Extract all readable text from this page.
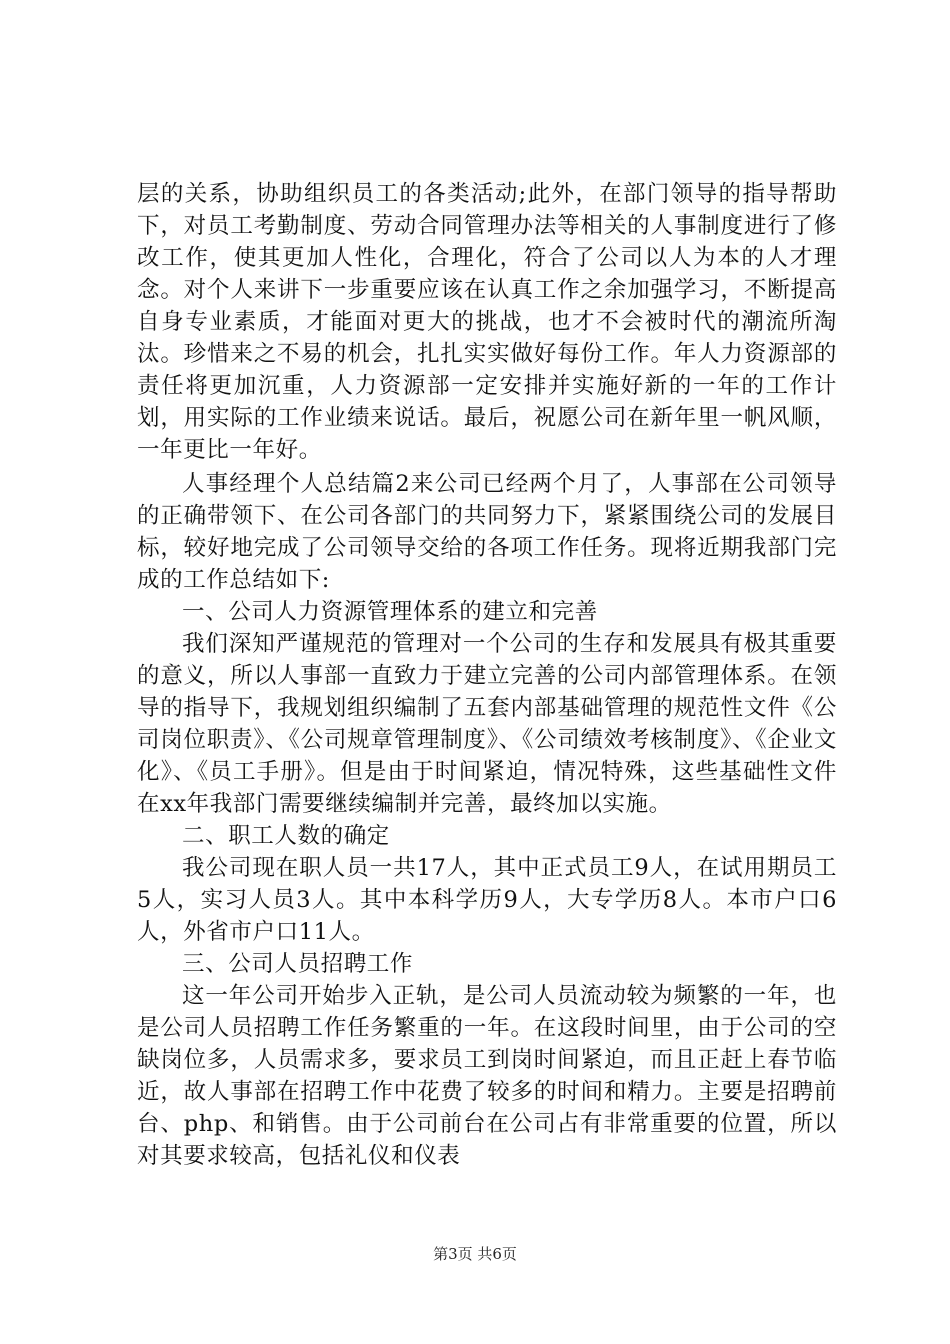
层的关系，协助组织员工的各类活动;此外，在部门领导的指导帮助下，对员工考勤制度、劳动合同管理办法等相关的人事制度进行了修改工作，使其更加人性化，合理化，符合了公司以人为本的人才理念。对个人来讲下一步重要应该在认真工作之余加强学习，不断提高自身专业素质，才能面对更大的挑战，也才不会被时代的潮流所淘汰。珍惜来之不易的机会，扎扎实实做好每份工作。年人力资源部的责任将更加沉重，人力资源部一定安排并实施好新的一年的工作计划，用实际的工作业绩来说话。最后，祝愿公司在新年里一帆风顺，一年更比一年好。

人事经理个人总结篇2来公司已经两个月了，人事部在公司领导的正确带领下、在公司各部门的共同努力下，紧紧围绕公司的发展目标，较好地完成了公司领导交给的各项工作任务。现将近期我部门完成的工作总结如下:

一、公司人力资源管理体系的建立和完善

我们深知严谨规范的管理对一个公司的生存和发展具有极其重要的意义，所以人事部一直致力于建立完善的公司内部管理体系。在领导的指导下，我规划组织编制了五套内部基础管理的规范性文件《公司岗位职责》、《公司规章管理制度》、《公司绩效考核制度》、《企业文化》、《员工手册》。但是由于时间紧迫，情况特殊，这些基础性文件在xx年我部门需要继续编制并完善，最终加以实施。

二、职工人数的确定

我公司现在职人员一共17人，其中正式员工9人，在试用期员工5人，实习人员3人。其中本科学历9人，大专学历8人。本市户口6人，外省市户口11人。

三、公司人员招聘工作

这一年公司开始步入正轨，是公司人员流动较为频繁的一年，也是公司人员招聘工作任务繁重的一年。在这段时间里，由于公司的空缺岗位多，人员需求多，要求员工到岗时间紧迫，而且正赶上春节临近，故人事部在招聘工作中花费了较多的时间和精力。主要是招聘前台、php、和销售。由于公司前台在公司占有非常重要的位置，所以对其要求较高，包括礼仪和仪表

第3页 共6页
